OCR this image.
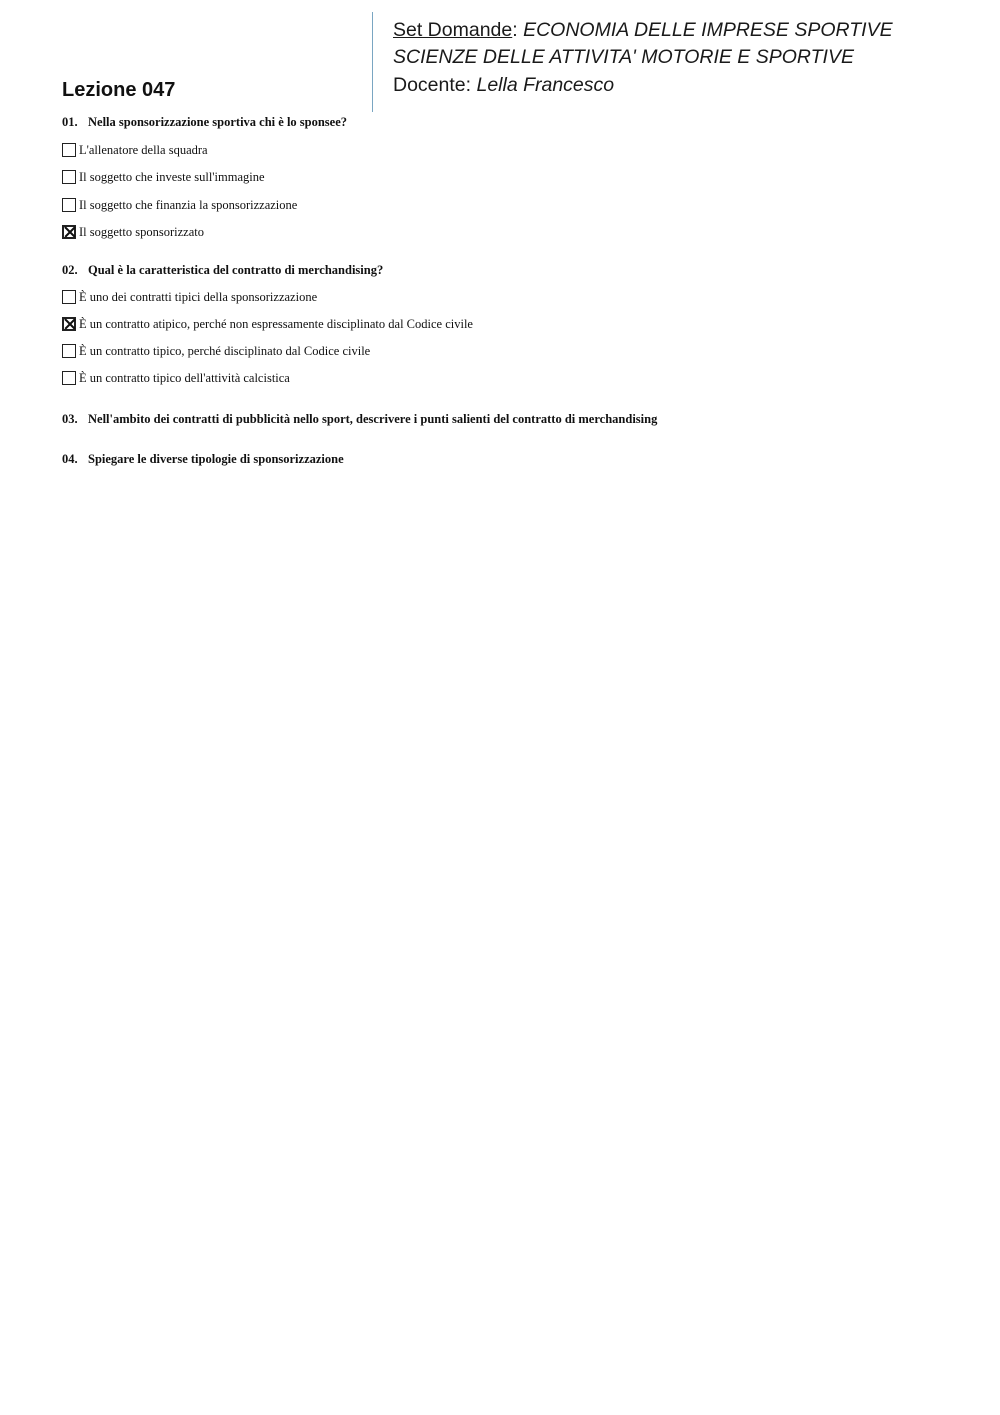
Set Domande: ECONOMIA DELLE IMPRESE SPORTIVE
SCIENZE DELLE ATTIVITA' MOTORIE E SPORTIVE
Docente: Lella Francesco
Lezione 047
01. Nella sponsorizzazione sportiva chi è lo sponsee?
L'allenatore della squadra
Il soggetto che investe sull'immagine
Il soggetto che finanzia la sponsorizzazione
Il soggetto sponsorizzato
02. Qual è la caratteristica del contratto di merchandising?
È uno dei contratti tipici della sponsorizzazione
È un contratto atipico, perché non espressamente disciplinato dal Codice civile
È un contratto tipico, perché disciplinato dal Codice civile
È un contratto tipico dell'attività calcistica
03. Nell'ambito dei contratti di pubblicità nello sport, descrivere i punti salienti del contratto di merchandising
04. Spiegare le diverse tipologie di sponsorizzazione
